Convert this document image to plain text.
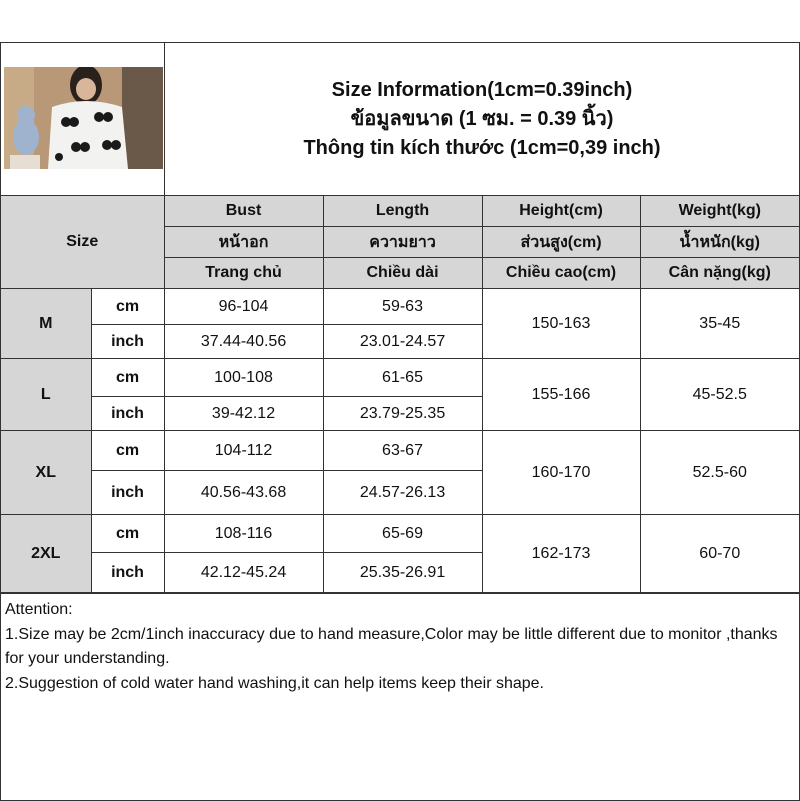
Size Information(1cm=0.39inch)
ข้อมูลขนาด (1 ซม. = 0.39 นิ้ว)
Thông tin kích thước (1cm=0,39 inch)
Size		Bust	Length	Height(cm)	Weight(kg)
		หน้าอก	ความยาว	ส่วนสูง(cm)	น้ำหนัก(kg)
		Trang chủ	Chiều dài	Chiều cao(cm)	Cân nặng(kg)
M	cm	96-104	59-63	150-163	35-45
	inch	37.44-40.56	23.01-24.57		
L	cm	100-108	61-65	155-166	45-52.5
	inch	39-42.12	23.79-25.35		
XL	cm	104-112	63-67	160-170	52.5-60
	inch	40.56-43.68	24.57-26.13		
2XL	cm	108-116	65-69	162-173	60-70
	inch	42.12-45.24	25.35-26.91		
Attention:
1.Size may be 2cm/1inch inaccuracy due to hand measure,Color may be little different due to monitor ,thanks for your understanding.
2.Suggestion of cold water hand washing,it can help items keep their shape.
